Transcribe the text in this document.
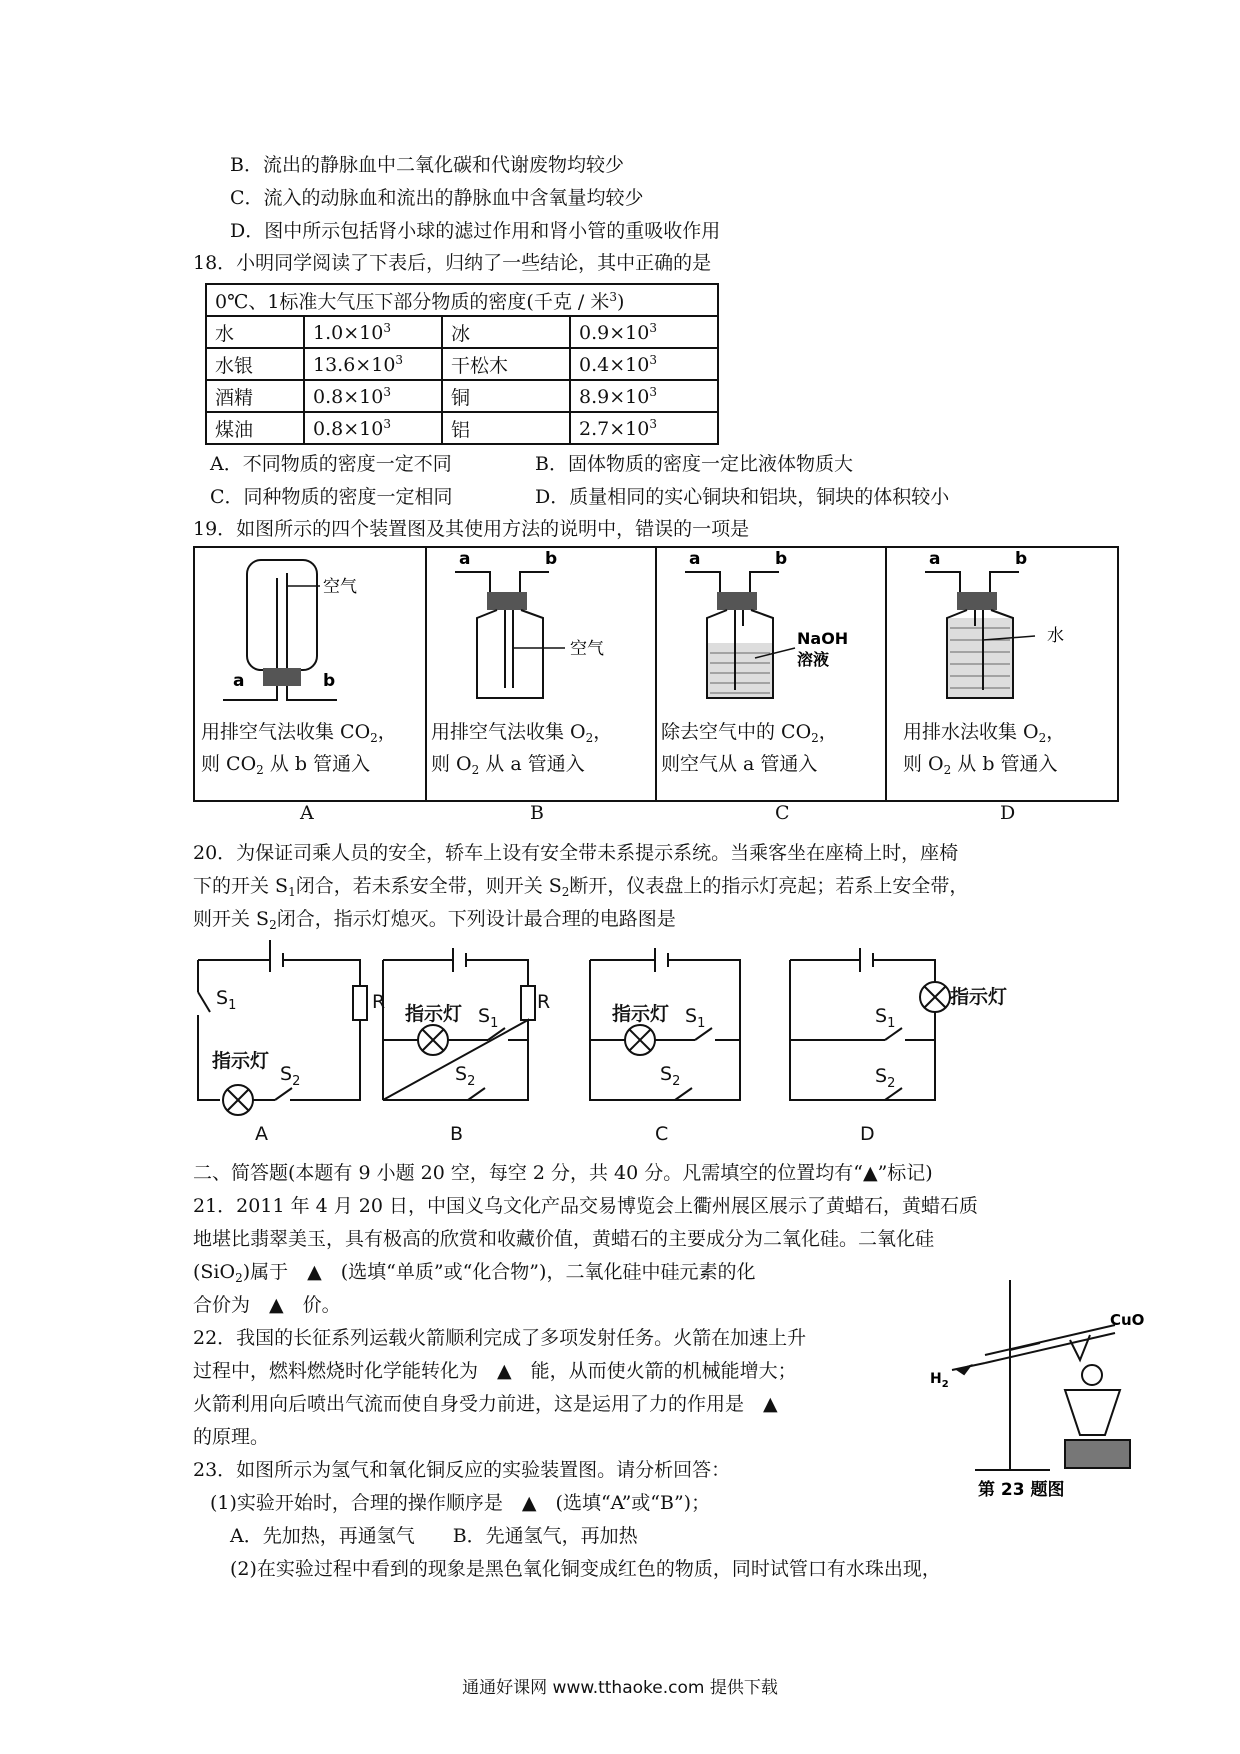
B．流出的静脉血中二氧化碳和代谢废物均较少
C．流入的动脉血和流出的静脉血中含氧量均较少
D．图中所示包括肾小球的滤过作用和肾小管的重吸收作用
18．小明同学阅读了下表后，归纳了一些结论，其中正确的是
0℃、1标准大气压下部分物质的密度(千克 / 米$^3$)			
水	$1.0\times 10^3$	冰	$0.9\times 10^3$
水银	$13.6\times 10^3$	干松木	$0.4\times 10^3$
酒精	$0.8\times 10^3$	铜	$8.9\times 10^3$
煤油	$0.8\times 10^3$	铝	$2.7\times 10^3$
A．不同物质的密度一定不同	B．固体物质的密度一定比液体物质大
C．同种物质的密度一定相同	D．质量相同的实心铜块和铝块，铜块的体积较小
19．如图所示的四个装置图及其使用方法的说明中，错误的一项是
空气
a	b
用排空气法收集 $CO_2$，
则 $CO_2$ 从 b 管通入
空气
a	b
用排空气法收集 $O_2$，
则 $O_2$ 从 a 管通入
NaOH
溶液
a	b
除去空气中的 $CO_2$，
则空气从 a 管通入
水
a	b
用排水法收集 $O_2$，
则 $O_2$ 从 b 管通入
A	B	C	D
20．为保证司乘人员的安全，轿车上设有安全带未系提示系统。当乘客坐在座椅上时，座椅
下的开关 $S_1$闭合，若未系安全带，则开关 $S_2$断开，仪表盘上的指示灯亮起；若系上安全带，
则开关 $S_2$闭合，指示灯熄灭。下列设计最合理的电路图是
$S_1$	R
指示灯
$S_2$
指示灯 $S_1$
R
$S_2$
指示灯 $S_1$
$S_2$
指示灯
$S_1$
$S_2$
A	B	C	D
二、简答题(本题有 9 小题 20 空，每空 2 分，共 40 分。凡需填空的位置均有“▲”标记)
21．2011 年 4 月 20 日，中国义乌文化产品交易博览会上衢州展区展示了黄蜡石，黄蜡石质
地堪比翡翠美玉，具有极高的欣赏和收藏价值，黄蜡石的主要成分为二氧化硅。二氧化硅
(SiO$_2$)属于　▲　(选填“单质”或“化合物”)，二氧化硅中硅元素的化
合价为　▲　价。
22．我国的长征系列运载火箭顺利完成了多项发射任务。火箭在加速上升
过程中，燃料燃烧时化学能转化为　▲　能，从而使火箭的机械能增大；
火箭利用向后喷出气流而使自身受力前进，这是运用了力的作用是　▲
的原理。
23．如图所示为氢气和氧化铜反应的实验装置图。请分析回答：
(1)实验开始时，合理的操作顺序是　▲　(选填“A”或“B”)；
A．先加热，再通氢气　　B．先通氢气，再加热
(2)在实验过程中看到的现象是黑色氧化铜变成红色的物质，同时试管口有水珠出现，
CuO
$H_2$
第 23 题图
通通好课网 www.tthaoke.com 提供下载
